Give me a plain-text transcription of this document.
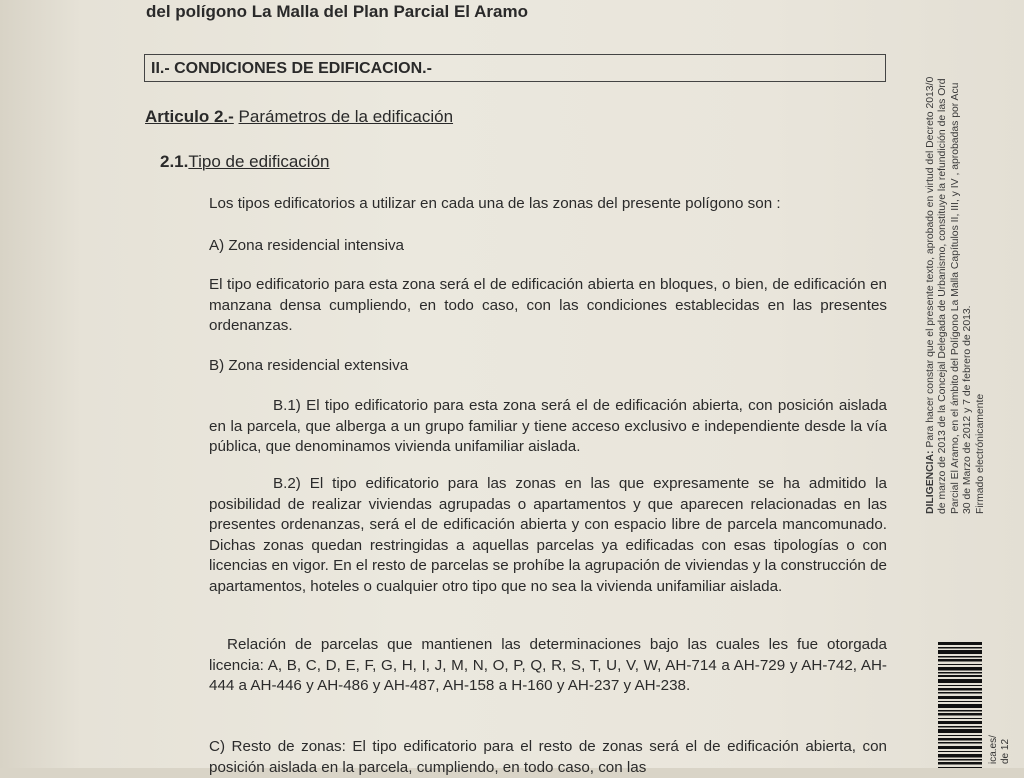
del polígono La Malla del Plan Parcial El Aramo
II.- CONDICIONES DE EDIFICACION.-
Articulo 2.- Parámetros de la edificación
2.1.Tipo de edificación
Los tipos edificatorios a utilizar en cada una de las zonas del presente polígono son :
A) Zona residencial intensiva
El tipo edificatorio para esta zona será el de edificación abierta en bloques, o bien, de edificación en manzana densa cumpliendo, en todo caso, con las condiciones establecidas en las presentes ordenanzas.
B) Zona residencial extensiva
B.1) El tipo edificatorio para esta zona será el de edificación abierta, con posición aislada en la parcela, que alberga a un grupo familiar y tiene acceso exclusivo e independiente desde la vía pública, que denominamos vivienda unifamiliar aislada.
B.2) El tipo edificatorio para las zonas en las que expresamente se ha admitido la posibilidad de realizar viviendas agrupadas o apartamentos y que aparecen relacionadas en las presentes ordenanzas, será el de edificación abierta y con espacio libre de parcela mancomunado. Dichas zonas quedan restringidas a aquellas parcelas ya edificadas con esas tipologías o con licencias en vigor. En el resto de parcelas se prohíbe la agrupación de viviendas y la construcción de apartamentos, hoteles o cualquier otro tipo que no sea la vivienda unifamiliar aislada.
Relación de parcelas que mantienen las determinaciones bajo las cuales les fue otorgada licencia: A, B, C, D, E, F, G, H, I, J, M, N, O, P, Q, R, S, T, U, V, W, AH-714 a AH-729 y AH-742, AH-444 a AH-446 y AH-486 y AH-487, AH-158 a H-160 y AH-237 y AH-238.
C) Resto de zonas: El tipo edificatorio para el resto de zonas será el de edificación abierta, con posición aislada en la parcela, cumpliendo, en todo caso, con las
DILIGENCIA: Para hacer constar que el presente texto, aprobado en virtud del Decreto 2013/0 de marzo de 2013 de la Concejal Delegada de Urbanismo, constituye la refundición de las Ord Parcial El Aramo, en el ámbito del Polígono La Malla Capítulos II, III, y IV , aprobadas por Acu 30 de Marzo de 2012 y 7 de febrero de 2013. Firmado electrónicamente
ica.es/ de 12
